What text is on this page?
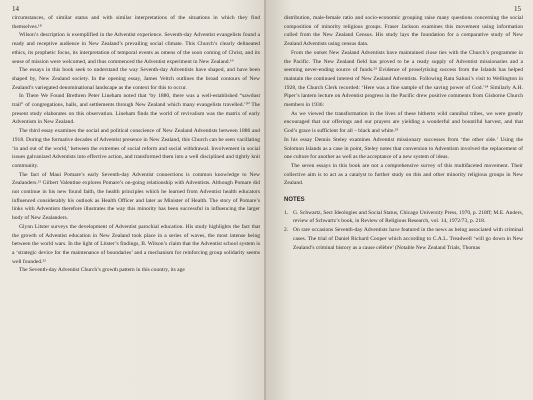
14

circumstances, of similar status and with similar interpretations of the situations in which they find themselves.¹⁸

Wilson’s description is exemplified in the Adventist experience. Seventh-day Adventist evangelists found a ready and receptive audience in New Zealand’s prevailing social climate. This Church’s clearly delineated ethics, its prophetic focus, its interpretation of temporal events as omens of the soon coming of Christ, and its sense of mission were welcomed, and thus commenced the Adventist experiment in New Zealand.¹⁹

The essays in this book seek to understand the way Seventh-day Adventists have shaped, and have been shaped by, New Zealand society. In the opening essay, James Veitch outlines the broad contours of New Zealand’s variegated denominational landscape as the context for this to occur.

In There We Found Brethren Peter Lineham noted that ‘by 1880, there was a well-established “sawdust trail” of congregations, halls, and settlements through New Zealand which many evangelists travelled.’²⁰ The present study elaborates on this observation. Lineham finds the world of revivalism was the matrix of early Adventism in New Zealand.

The third essay examines the social and political conscience of New Zealand Adventists between 1886 and 1918. During the formative decades of Adventist presence in New Zealand, this Church can be seen vacillating ‘in and out of the world,’ between the extremes of social reform and social withdrawal. Involvement in social issues galvanized Adventists into effective action, and transformed them into a well disciplined and tightly knit community.

The fact of Maui Pomare’s early Seventh-day Adventist connections is common knowledge to New Zealanders.²¹ Gilbert Valentine explores Pomare’s on-going relationship with Adventists. Although Pomare did not continue in his new found faith, the health principles which he learned from Adventist health educators influenced considerably his outlook as Health Officer and later as Minister of Health. The story of Pomare’s links with Adventists therefore illustrates the way this minority has been successful in influencing the larger body of New Zealanders.

Glynn Litster surveys the development of Adventist parochial education. His study highlights the fact that the growth of Adventist education in New Zealand took place in a series of waves, the most intense being between the world wars. In the light of Litster’s findings, B. Wilson’s claim that the Adventist school system is a ‘strategic device for the maintenance of boundaries’ and a mechanism for reinforcing group solidarity seems well founded.²²

The Seventh-day Adventist Church’s growth pattern in this country, its age

15

distribution, male-female ratio and socio-economic grouping raise many questions concerning the social composition of minority religious groups. Fraser Jackson examines this movement using information culled from the New Zealand Census. His study lays the foundation for a comparative study of New Zealand Adventists using census data.

From the outset New Zealand Adventists have maintained close ties with the Church’s programme in the Pacific. The New Zealand field has proved to be a ready supply of Adventist missionaries and a seeming never-ending source of funds.²³ Evidence of proselytising success from the Islands has helped maintain the continued interest of New Zealand Adventists. Following Ratu Saluui’s visit to Wellington in 1928, the Church Clerk recorded: ‘Here was a fine sample of the saving power of God.’²⁴ Similarly A.H. Piper’s lantern lecture on Adventist progress in the Pacific drew positive comments from Gisborne Church members in 1936:

As we viewed the transformation in the lives of these hitherto wild cannibal tribes, we were greatly encouraged that our offerings and our prayers are yielding a wonderful and bountiful harvest, and that God’s grace is sufficient for all – black and white.²⁵

In his essay Dennis Steley examines Adventist missionary successes from ‘the other side.’ Using the Solomon Islands as a case in point, Steley notes that conversion to Adventism involved the replacement of one culture for another as well as the acceptance of a new system of ideas.

The seven essays in this book are not a comprehensive survey of this multifaceted movement. Their collective aim is to act as a catalyst to further study on this and other minority religious groups in New Zealand.

NOTES
1. G. Schwartz, Sect Ideologies and Social Status, Chicago University Press, 1970, p. 218ff; M.E. Anders, review of Schwartz’s book, in Review of Religious Research, vol. 14, 1972/73, p. 218.
2. On rare occasions Seventh-day Adventists have featured in the news as being associated with criminal cases. The trial of Daniel Richard Cooper which according to C.A.L. Treadwell ‘will go down in New Zealand’s criminal history as a cause célèbre’ (Notable New Zealand Trials, Thomas
